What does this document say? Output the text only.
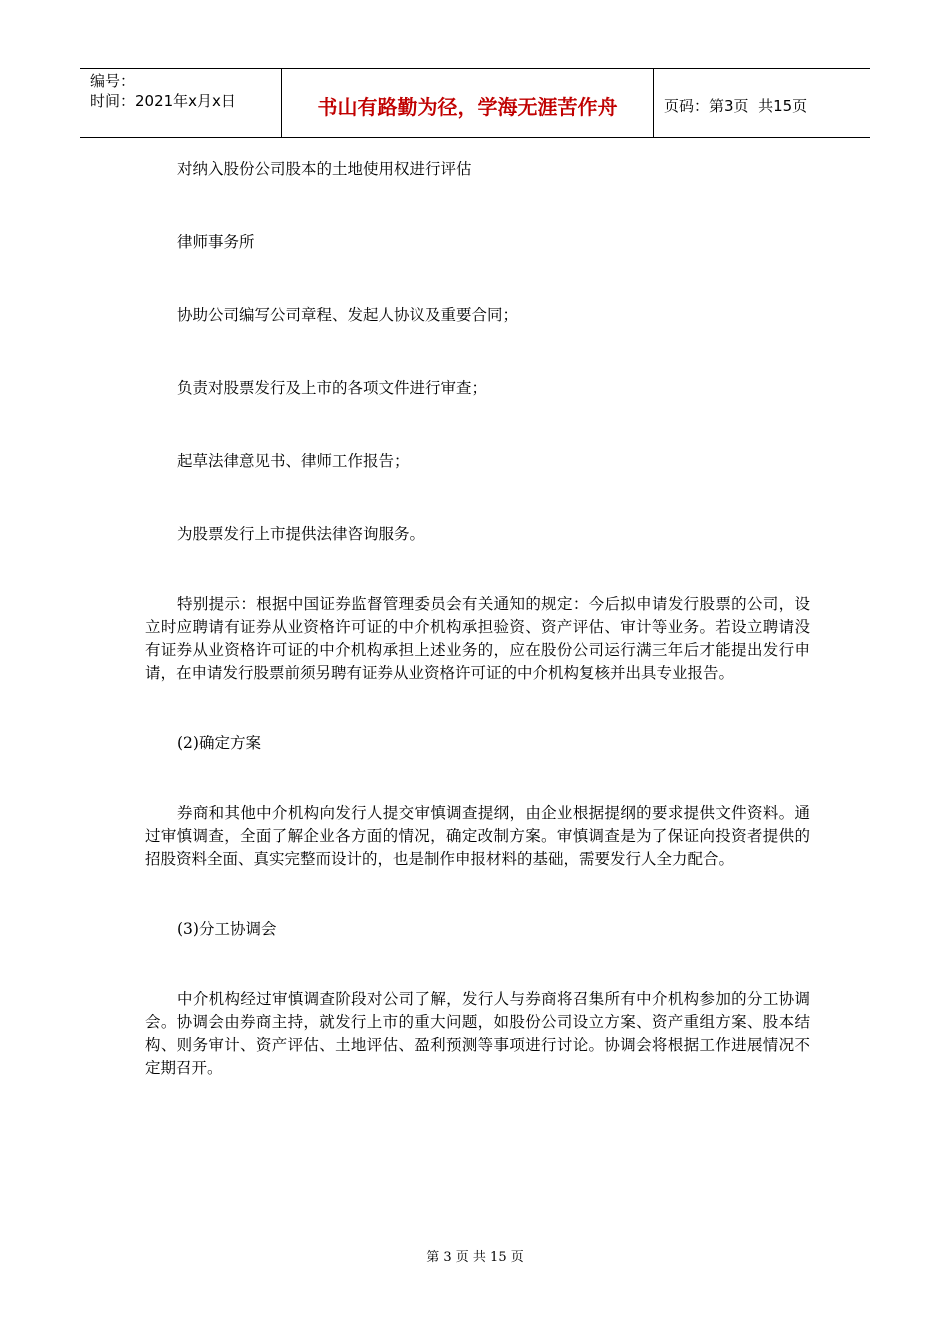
编号：
时间：2021年x月x日	书山有路勤为径，学海无涯苦作舟	页码：第3页  共15页

对纳入股份公司股本的土地使用权进行评估

律师事务所

协助公司编写公司章程、发起人协议及重要合同；

负责对股票发行及上市的各项文件进行审查；

起草法律意见书、律师工作报告；

为股票发行上市提供法律咨询服务。

特别提示：根据中国证券监督管理委员会有关通知的规定：今后拟申请发行股票的公司，设立时应聘请有证券从业资格许可证的中介机构承担验资、资产评估、审计等业务。若设立聘请没有证券从业资格许可证的中介机构承担上述业务的，应在股份公司运行满三年后才能提出发行申请，在申请发行股票前须另聘有证券从业资格许可证的中介机构复核并出具专业报告。

(2)确定方案

券商和其他中介机构向发行人提交审慎调查提纲，由企业根据提纲的要求提供文件资料。通过审慎调查，全面了解企业各方面的情况，确定改制方案。审慎调查是为了保证向投资者提供的招股资料全面、真实完整而设计的，也是制作申报材料的基础，需要发行人全力配合。

(3)分工协调会

中介机构经过审慎调查阶段对公司了解，发行人与券商将召集所有中介机构参加的分工协调会。协调会由券商主持，就发行上市的重大问题，如股份公司设立方案、资产重组方案、股本结构、则务审计、资产评估、土地评估、盈利预测等事项进行讨论。协调会将根据工作进展情况不定期召开。

第 3 页 共 15 页
